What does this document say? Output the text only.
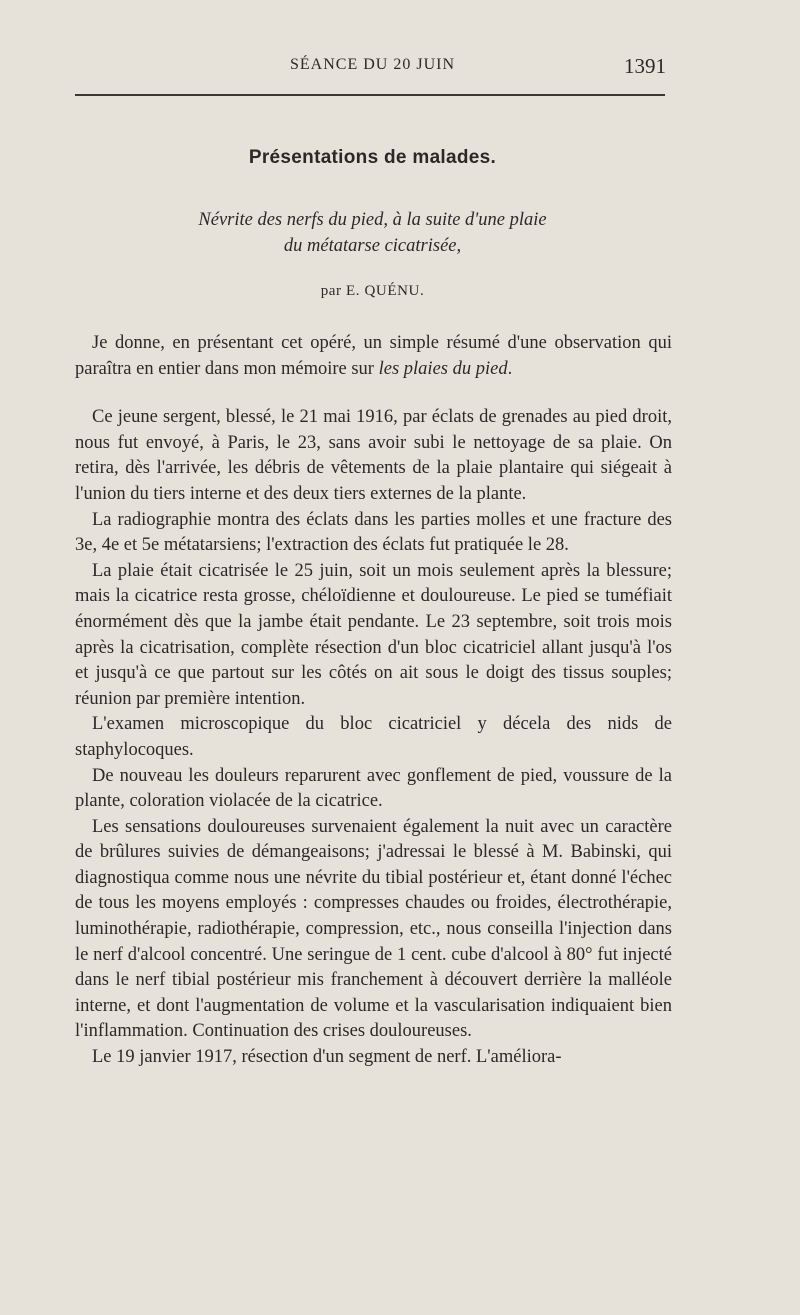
SÉANCE DU 20 JUIN	1391
Présentations de malades.
Névrite des nerfs du pied, à la suite d'une plaie
du métatarse cicatrisée,
par E. QUÉNU.

Je donne, en présentant cet opéré, un simple résumé d'une observation qui paraîtra en entier dans mon mémoire sur les plaies du pied.

Ce jeune sergent, blessé, le 21 mai 1916, par éclats de grenades au pied droit, nous fut envoyé, à Paris, le 23, sans avoir subi le nettoyage de sa plaie. On retira, dès l'arrivée, les débris de vêtements de la plaie plantaire qui siégeait à l'union du tiers interne et des deux tiers externes de la plante.

La radiographie montra des éclats dans les parties molles et une fracture des 3e, 4e et 5e métatarsiens; l'extraction des éclats fut pratiquée le 28.

La plaie était cicatrisée le 25 juin, soit un mois seulement après la blessure; mais la cicatrice resta grosse, chéloïdienne et douloureuse. Le pied se tuméfiait énormément dès que la jambe était pendante. Le 23 septembre, soit trois mois après la cicatrisation, complète résection d'un bloc cicatriciel allant jusqu'à l'os et jusqu'à ce que partout sur les côtés on ait sous le doigt des tissus souples; réunion par première intention.

L'examen microscopique du bloc cicatriciel y décela des nids de staphylocoques.

De nouveau les douleurs reparurent avec gonflement de pied, voussure de la plante, coloration violacée de la cicatrice.

Les sensations douloureuses survenaient également la nuit avec un caractère de brûlures suivies de démangeaisons; j'adressai le blessé à M. Babinski, qui diagnostiqua comme nous une névrite du tibial postérieur et, étant donné l'échec de tous les moyens employés : compresses chaudes ou froides, électrothérapie, luminothérapie, radiothérapie, compression, etc., nous conseilla l'injection dans le nerf d'alcool concentré. Une seringue de 1 cent. cube d'alcool à 80° fut injecté dans le nerf tibial postérieur mis franchement à découvert derrière la malléole interne, et dont l'augmentation de volume et la vascularisation indiquaient bien l'inflammation. Continuation des crises douloureuses.

Le 19 janvier 1917, résection d'un segment de nerf. L'améliora-
